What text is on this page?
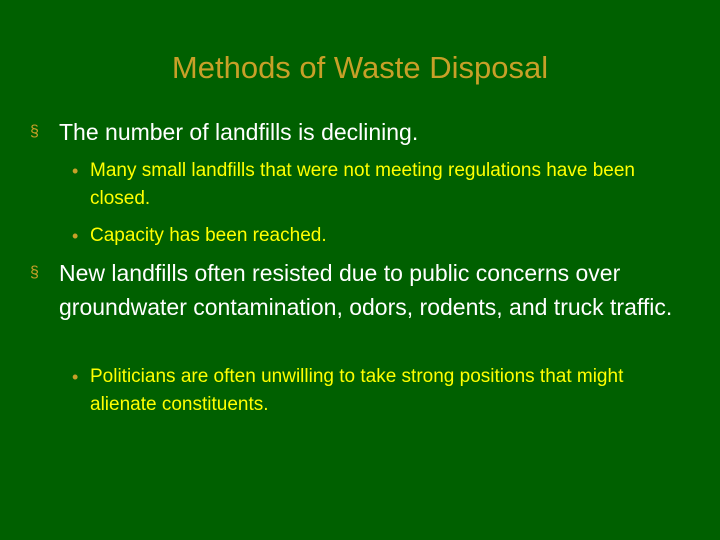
Methods of Waste Disposal
§ The number of landfills is declining.
• Many small landfills that were not meeting regulations have been closed.
• Capacity has been reached.
§ New landfills often resisted due to public concerns over groundwater contamination, odors, rodents, and truck traffic.
• Politicians are often unwilling to take strong positions that might alienate constituents.
